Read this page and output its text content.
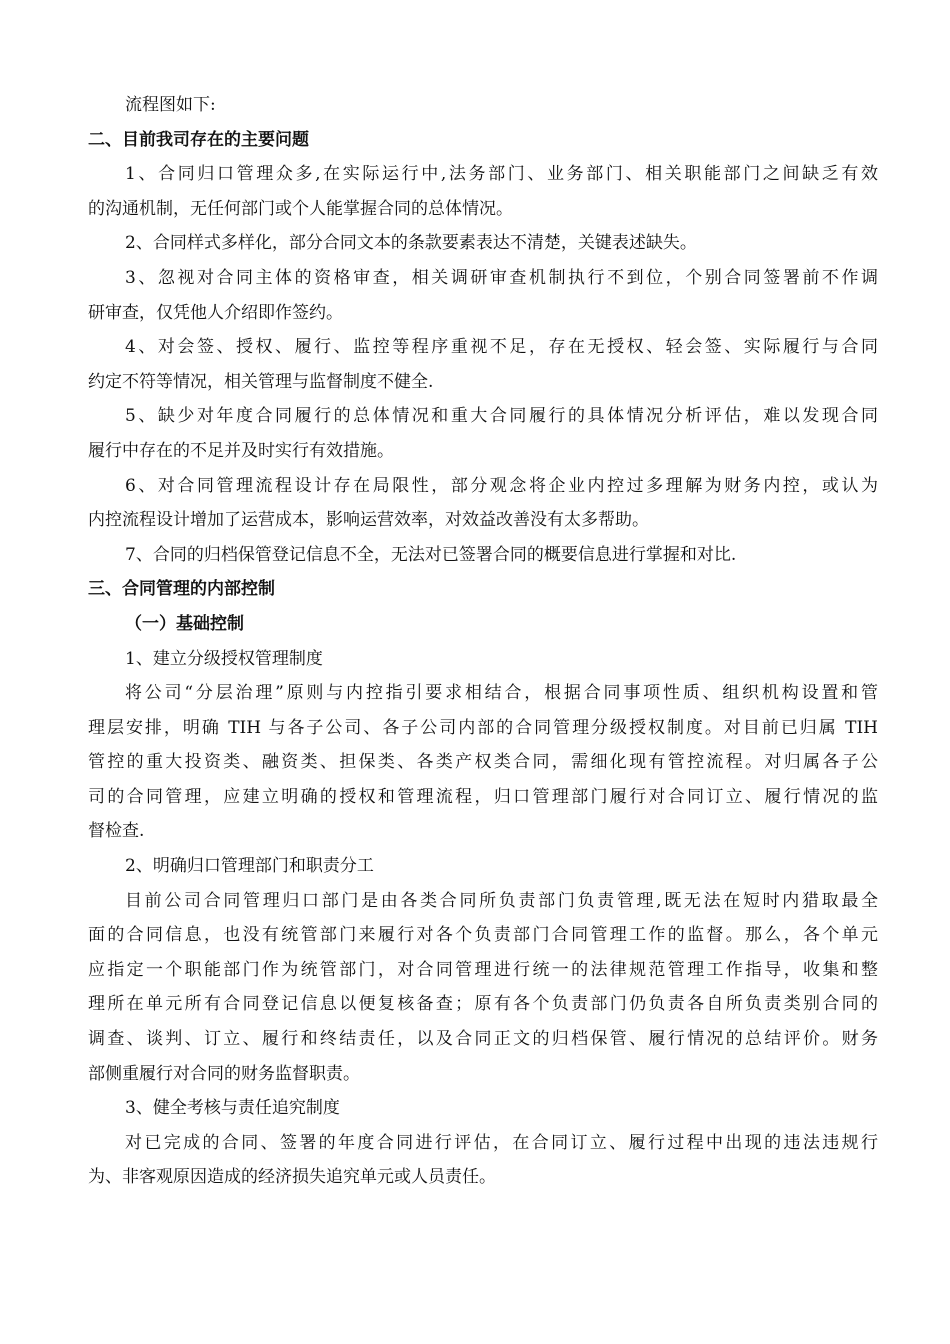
流程图如下:

二、目前我司存在的主要问题

1、合同归口管理众多,在实际运行中,法务部门、业务部门、相关职能部门之间缺乏有效

的沟通机制，无任何部门或个人能掌握合同的总体情况。

2、合同样式多样化，部分合同文本的条款要素表达不清楚，关键表述缺失。

3、忽视对合同主体的资格审查，相关调研审查机制执行不到位，个别合同签署前不作调

研审查，仅凭他人介绍即作签约。

4、对会签、授权、履行、监控等程序重视不足，存在无授权、轻会签、实际履行与合同

约定不符等情况，相关管理与监督制度不健全.

5、缺少对年度合同履行的总体情况和重大合同履行的具体情况分析评估，难以发现合同

履行中存在的不足并及时实行有效措施。

6、对合同管理流程设计存在局限性，部分观念将企业内控过多理解为财务内控，或认为

内控流程设计增加了运营成本，影响运营效率，对效益改善没有太多帮助。

7、合同的归档保管登记信息不全，无法对已签署合同的概要信息进行掌握和对比.

三、合同管理的内部控制

（一）基础控制

1、建立分级授权管理制度

将公司“分层治理”原则与内控指引要求相结合，根据合同事项性质、组织机构设置和管

理层安排，明确 TIH 与各子公司、各子公司内部的合同管理分级授权制度。对目前已归属 TIH

管控的重大投资类、融资类、担保类、各类产权类合同，需细化现有管控流程。对归属各子公

司的合同管理，应建立明确的授权和管理流程，归口管理部门履行对合同订立、履行情况的监

督检查.

2、明确归口管理部门和职责分工

目前公司合同管理归口部门是由各类合同所负责部门负责管理,既无法在短时内猎取最全

面的合同信息，也没有统管部门来履行对各个负责部门合同管理工作的监督。那么，各个单元

应指定一个职能部门作为统管部门，对合同管理进行统一的法律规范管理工作指导，收集和整

理所在单元所有合同登记信息以便复核备查；原有各个负责部门仍负责各自所负责类别合同的

调查、谈判、订立、履行和终结责任，以及合同正文的归档保管、履行情况的总结评价。财务

部侧重履行对合同的财务监督职责。

3、健全考核与责任追究制度

对已完成的合同、签署的年度合同进行评估，在合同订立、履行过程中出现的违法违规行

为、非客观原因造成的经济损失追究单元或人员责任。
